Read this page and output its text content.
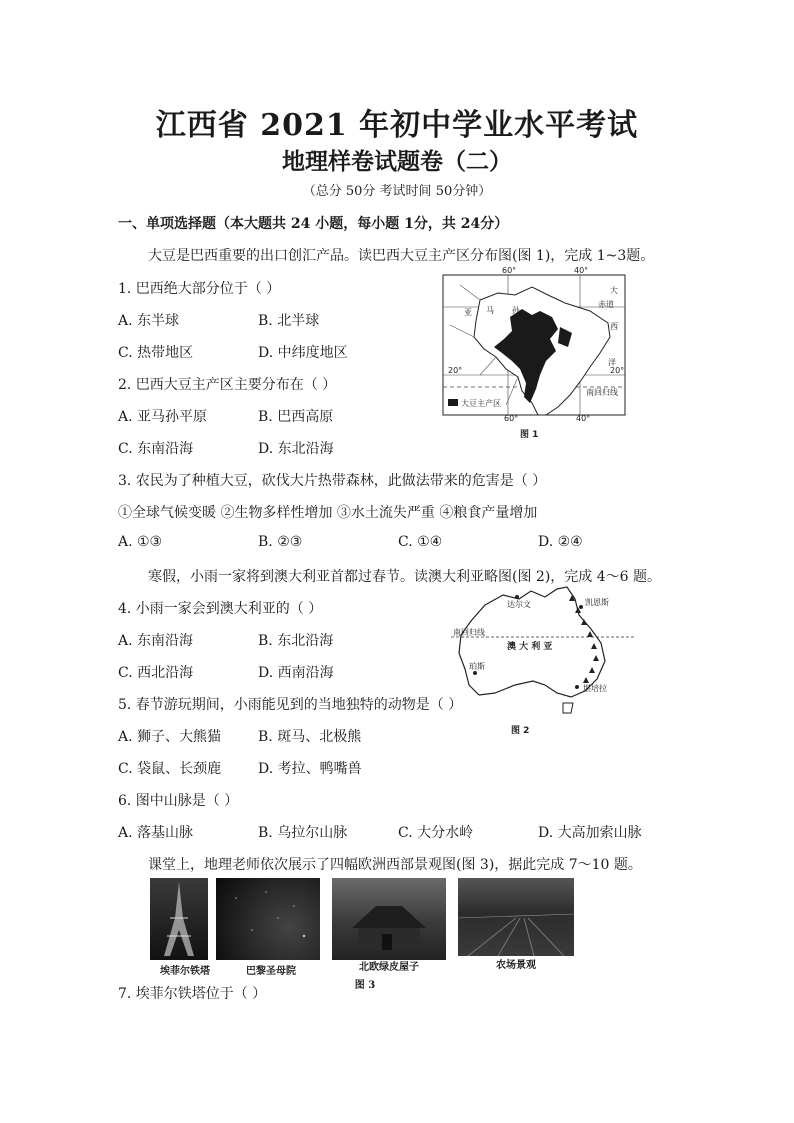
江西省 2021 年初中学业水平考试
地理样卷试题卷（二）
（总分 50分 考试时间 50分钟）
一、单项选择题（本大题共 24 小题，每小题 1分，共 24分）
大豆是巴西重要的出口创汇产品。读巴西大豆主产区分布图(图 1)，完成 1~3题。
1. 巴西绝大部分位于（ ）
A. 东半球	B. 北半球
C. 热带地区	D. 中纬度地区
2. 巴西大豆主产区主要分布在（ ）
A. 亚马孙平原	B. 巴西高原
C. 东南沿海	D. 东北沿海
3. 农民为了种植大豆，砍伐大片热带森林，此做法带来的危害是（ ）
①全球气候变暖 ②生物多样性增加 ③水土流失严重 ④粮食产量增加
A. ①③	B. ②③	C. ①④	D. ②④
60°	40°
大
赤道
西
洋
亚 马 孙
20°	20°
南回归线
60°	40°
大豆主产区
图 1
寒假，小雨一家将到澳大利亚首都过春节。读澳大利亚略图(图 2)，完成 4～6 题。
4. 小雨一家会到澳大利亚的（ ）
A. 东南沿海	B. 东北沿海
C. 西北沿海	D. 西南沿海
5. 春节游玩期间，小雨能见到的当地独特的动物是（ ）
A. 狮子、大熊猫	B. 斑马、北极熊
C. 袋鼠、长颈鹿	D. 考拉、鸭嘴兽
6. 图中山脉是（ ）
A. 落基山脉	B. 乌拉尔山脉	C. 大分水岭	D. 大高加索山脉
达尔文	凯恩斯
南回归线
澳 大 利 亚
珀斯
堪培拉
图 2
课堂上，地理老师依次展示了四幅欧洲西部景观图(图 3)，据此完成 7～10 题。
埃菲尔铁塔	巴黎圣母院	北欧绿皮屋子	农场景观
图 3
7. 埃菲尔铁塔位于（ ）
